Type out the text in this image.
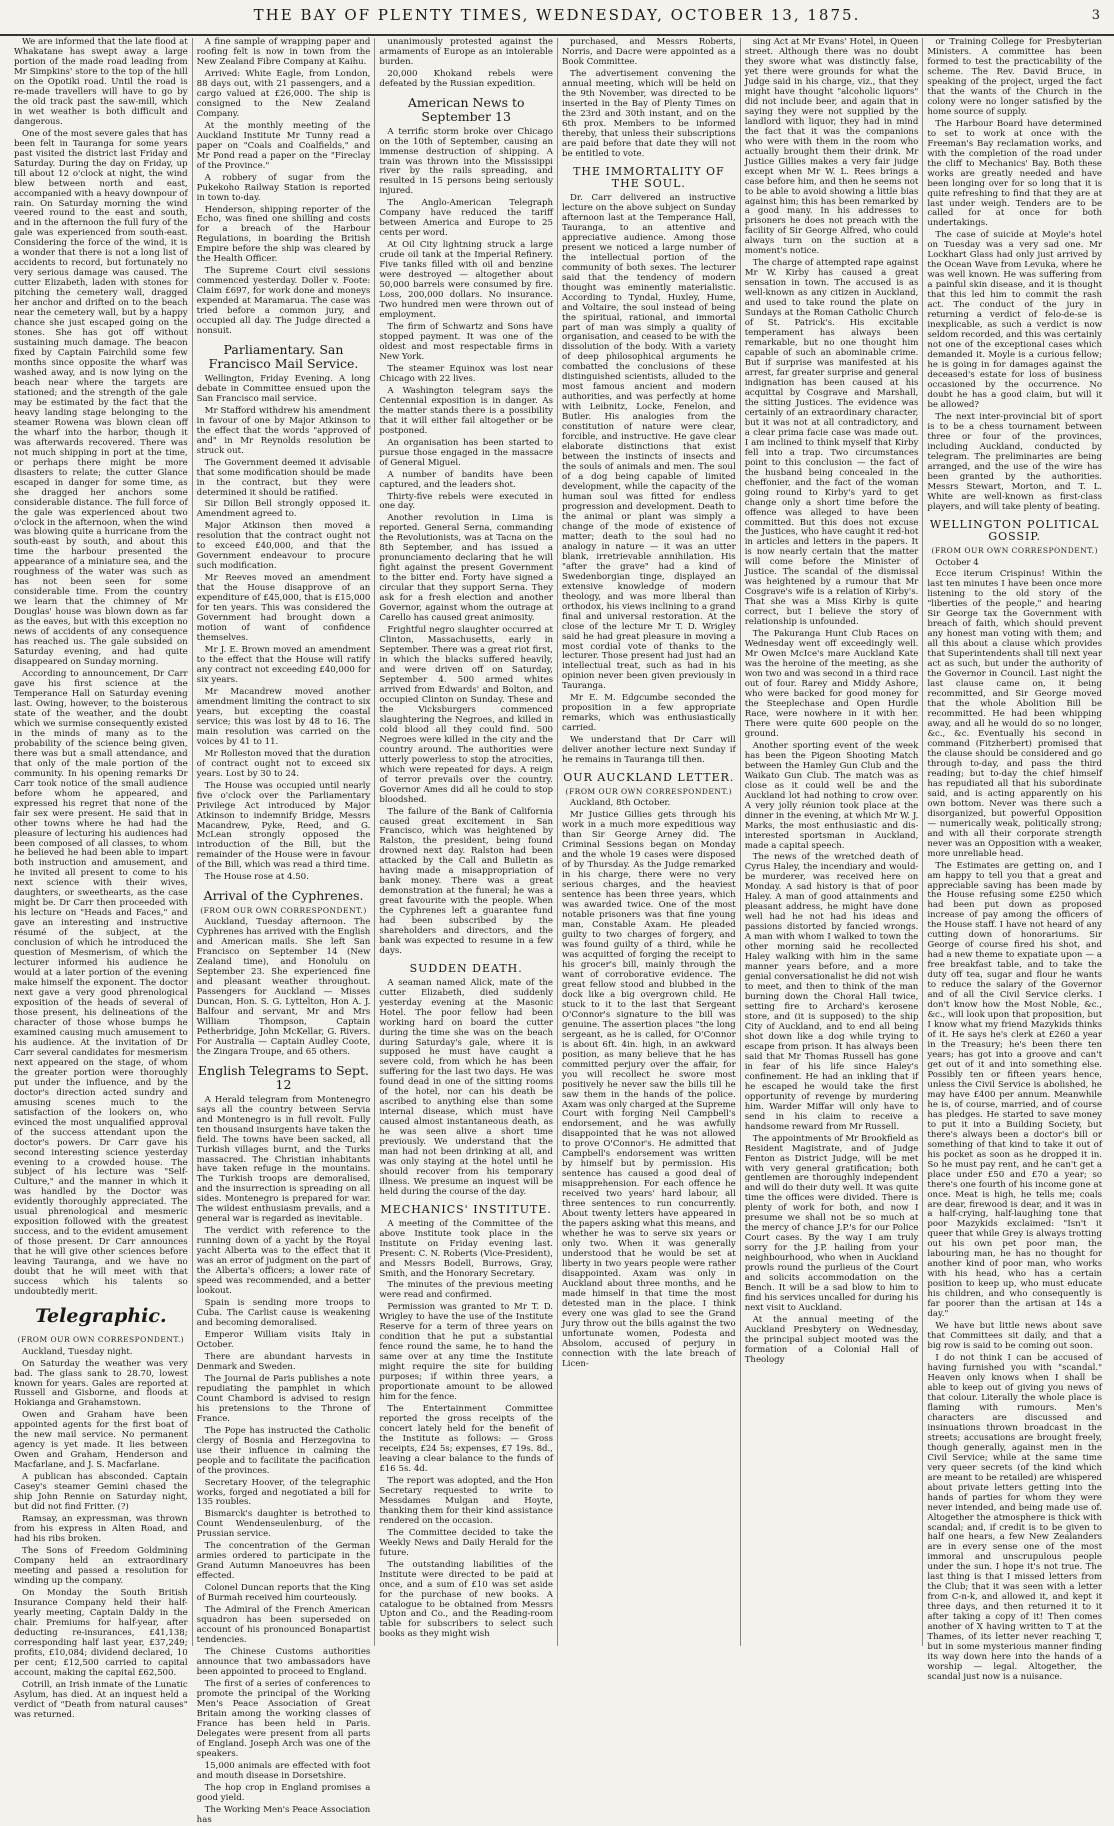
THE BAY OF PLENTY TIMES, WEDNESDAY, OCTOBER 13, 1875.	3

We are informed that the late flood at Whakatane has swept away a large portion of the made road leading from Mr Simpkins' store to the top of the hill on the Opotiki road. Until the road is re-made travellers will have to go by the old track past the saw-mill, which in wet weather is both difficult and dangerous.

One of the most severe gales that has been felt in Tauranga for some years past visited the district last Friday and Saturday. During the day on Friday, up till about 12 o'clock at night, the wind blew between north and east, accompanied with a heavy downpour of rain. On Saturday morning the wind veered round to the east and south, and in the afternoon the full fury of the gale was experienced from south-east. Considering the force of the wind, it is a wonder that there is not a long list of accidents to record, but fortunately no very serious damage was caused. The cutter Elizabeth, laden with stones for pitching the cemetery wall, dragged her anchor and drifted on to the beach near the cemetery wall, but by a happy chance she just escaped going on the stones. She has got off without sustaining much damage. The beacon fixed by Captain Fairchild some few months since opposite the wharf was washed away, and is now lying on the beach near where the targets are stationed; and the strength of the gale may be estimated by the fact that the heavy landing stage belonging to the steamer Rowena was blown clean off the wharf into the harbor, though it was afterwards recovered. There was not much shipping in port at the time, or perhaps there might be more disasters to relate; the cutter Glance escaped in danger for some time, as she dragged her anchors some considerable distance. The full force of the gale was experienced about two o'clock in the afternoon, when the wind was blowing quite a hurricane from the south-east by south, and about this time the harbour presented the appearance of a miniature sea, and the roughness of the water was such as has not been seen for some considerable time. From the country we learn that the chimney of Mr Douglas' house was blown down as far as the eaves, but with this exception no news of accidents of any consequence has reached us. The gale subsided on Saturday evening, and had quite disappeared on Sunday morning.

According to announcement, Dr Carr gave his first science at the Temperance Hall on Saturday evening last. Owing, however, to the boisterous state of the weather, and the doubt which we surmise consequently existed in the minds of many as to the probability of the science being given, there was but a small attendance, and that only of the male portion of the community. In his opening remarks Dr Carr took notice of the small audience before whom he appeared, and expressed his regret that none of the fair sex were present. He said that in other towns where he had had the pleasure of lecturing his audiences had been composed of all classes, to whom he believed he had been able to impart both instruction and amusement, and he invited all present to come to his next science with their wives, daughters, or sweethearts, as the case might be. Dr Carr then proceeded with his lecture on "Heads and Faces," and gave an interesting and instructive résumé of the subject, at the conclusion of which he introduced the question of Mesmerism, of which the lecturer informed his audience he would at a later portion of the evening make himself the exponent. The doctor next gave a very good phrenological exposition of the heads of several of those present, his delineations of the character of those whose bumps he examined causing much amusement to his audience. At the invitation of Dr Carr several candidates for mesmerism next appeared on the stage, of whom the greater portion were thoroughly put under the influence, and by the doctor's direction acted sundry and amusing scenes much to the satisfaction of the lookers on, who evinced the most unqualified approval of the success attendant upon the doctor's powers. Dr Carr gave his second interesting science yesterday evening to a crowded house. The subject of his lecture was "Self-Culture," and the manner in which it was handled by the Doctor was evidently thoroughly appreciated. The usual phrenological and mesmeric exposition followed with the greatest success, and to the evident amusement of those present. Dr Carr announces that he will give other sciences before leaving Tauranga, and we have no doubt that he will meet with that success which his talents so undoubtedly merit.

Telegraphic.
(FROM OUR OWN CORRESPONDENT.)

Auckland, Tuesday night.

On Saturday the weather was very bad. The glass sank to 28.70, lowest known for years. Gales are reported at Russell and Gisborne, and floods at Hokianga and Grahamstown.

Owen and Graham have been appointed agents for the first boat of the new mail service. No permanent agency is yet made. It lies between Owen and Graham, Henderson and Macfarlane, and J. S. Macfarlane.

A publican has absconded. Captain Casey's steamer Gemini chased the ship John Rennie on Saturday night, but did not find Fritter. (?)

Ramsay, an expressman, was thrown from his express in Alten Road, and had his ribs broken.

The Sons of Freedom Goldmining Company held an extraordinary meeting and passed a resolution for winding up the company.

On Monday the South British Insurance Company held their half-yearly meeting, Captain Daldy in the chair. Premiums for half-year, after deducting re-insurances, £41,138; corresponding half last year, £37,249; profits, £10,084; dividend declared, 10 per cent; £12,500 carried to capital account, making the capital £62,500.

Cotrill, an Irish inmate of the Lunatic Asylum, has died. At an inquest held a verdict of "Death from natural causes" was returned.

A fine sample of wrapping paper and roofing felt is now in town from the New Zealand Fibre Company at Kaihu.

Arrived: White Eagle, from London, 88 days out, with 21 passengers, and a cargo valued at £26,000. The ship is consigned to the New Zealand Company.

At the monthly meeting of the Auckland Institute Mr Tunny read a paper on "Coals and Coalfields," and Mr Pond read a paper on the "Fireclay of the Province."

A robbery of sugar from the Pukekoho Railway Station is reported in town to-day.

Henderson, shipping reporter of the Echo, was fined one shilling and costs for a breach of the Harbour Regulations, in boarding the British Empire before the ship was cleared by the Health Officer.

The Supreme Court civil sessions commenced yesterday. Doller v. Foote: Claim £697, for work done and moneys expended at Maramarua. The case was tried before a common jury, and occupied all day. The Judge directed a nonsuit.

Parliamentary. San Francisco Mail Service.

Wellington, Friday Evening. A long debate in Committee ensued upon the San Francisco mail service.

Mr Stafford withdrew his amendment in favour of one by Major Atkinson to the effect that the words "approved of and" in Mr Reynolds resolution be struck out.

The Government deemed it advisable that some modification should be made in the contract, but they were determined it should be ratified.

Sir Dillon Bell strongly opposed it. Amendment agreed to.

Major Atkinson then moved a resolution that the contract ought not to exceed £40,000, and that the Government endeavour to procure such modification.

Mr Reeves moved an amendment that the House disapprove of an expenditure of £45,000, that is £15,000 for ten years. This was considered the Government had brought down a motion of want of confidence themselves.

Mr J. E. Brown moved an amendment to the effect that the House will ratify any contract not exceeding £40,000 for six years.

Mr Macandrew moved another amendment limiting the contract to six years, but excepting the coastal service; this was lost by 48 to 16. The main resolution was carried on the voices by 41 to 11.

Mr Rolleston moved that the duration of contract ought not to exceed six years. Lost by 30 to 24.

The House was occupied until nearly five o'clock over the Parliamentary Privilege Act introduced by Major Atkinson to indemnify Bridge, Messrs Macandrew, Pyke, Reed, and G. McLean strongly opposed the introduction of the Bill, but the remainder of the House were in favour of the Bill, which was read a third time.

The House rose at 4.50.

Arrival of the Cyphrenes.
(FROM OUR OWN CORRESPONDENT.)

Auckland, Tuesday afternoon. The Cyphrenes has arrived with the English and American mails. She left San Francisco on September 14 (New Zealand time), and Honolulu on September 23. She experienced fine and pleasant weather throughout. Passengers for Auckland — Misses Duncan, Hon. S. G. Lyttelton, Hon A. J. Balfour and servant, Mr and Mrs William Thompson, Captain Petherbridge, John McKellar, G. Rivers. For Australia — Captain Audley Coote, the Zingara Troupe, and 65 others.

English Telegrams to Sept. 12

A Herald telegram from Montenegro says all the country between Servia and Montenegro is in full revolt. Fully ten thousand insurgents have taken the field. The towns have been sacked, all Turkish villages burnt, and the Turks massacred. The Christian inhabitants have taken refuge in the mountains. The Turkish troops are demoralised, and the insurrection is spreading on all sides. Montenegro is prepared for war. The wildest enthusiasm prevails, and a general war is regarded as inevitable.

The verdict with reference to the running down of a yacht by the Royal yacht Alberta was to the effect that it was an error of judgment on the part of the Alberta's officers; a lower rate of speed was recommended, and a better lookout.

Spain is sending more troops to Cuba. The Carlist cause is weakening and becoming demoralised.

Emperor William visits Italy in October.

There are abundant harvests in Denmark and Sweden.

The Journal de Paris publishes a note repudiating the pamphlet in which Count Chambord is advised to resign his pretensions to the Throne of France.

The Pope has instructed the Catholic clergy of Bosnia and Herzegovina to use their influence in calming the people and to facilitate the pacification of the provinces.

Secretary Hoover, of the telegraphic works, forged and negotiated a bill for 135 roubles.

Bismarck's daughter is betrothed to Count Wendenseulenburg, of the Prussian service.

The concentration of the German armies ordered to participate in the Grand Autumn Manoeuvres has been effected.

Colonel Duncan reports that the King of Burmah received him courteously.

The Admiral of the French American squadron has been superseded on account of his pronounced Bonapartist tendencies.

The Chinese Customs authorities announce that two ambassadors have been appointed to proceed to England.

The first of a series of conferences to promote the principal of the Working Men's Peace Association of Great Britain among the working classes of France has been held in Paris. Delegates were present from all parts of England. Joseph Arch was one of the speakers.

15,000 animals are effected with foot and mouth disease in Dorsetshire.

The hop crop in England promises a good yield.

The Working Men's Peace Association has

unanimously protested against the armaments of Europe as an intolerable burden.

20,000 Khokand rebels were defeated by the Russian expedition.

American News to September 13

A terrific storm broke over Chicago on the 10th of September, causing an immense destruction of shipping. A train was thrown into the Mississippi river by the rails spreading, and resulted in 15 persons being seriously injured.

The Anglo-American Telegraph Company have reduced the tariff between America and Europe to 25 cents per word.

At Oil City lightning struck a large crude oil tank at the Imperial Refinery. Five tanks filled with oil and benzine were destroyed — altogether about 50,000 barrels were consumed by fire. Loss, 200,000 dollars. No insurance. Two hundred men were thrown out of employment.

The firm of Schwartz and Sons have stopped payment. It was one of the oldest and most respectable firms in New York.

The steamer Equinox was lost near Chicago with 22 lives.

A Washington telegram says the Centennial exposition is in danger. As the matter stands there is a possibility that it will either fail altogether or be postponed.

An organisation has been started to pursue those engaged in the massacre of General Miguel.

A number of bandits have been captured, and the leaders shot.

Thirty-five rebels were executed in one day.

Another revolution in Lima is reported. General Serna, commanding the Revolutionists, was at Tacna on the 8th September, and has issued a pronunciamento declaring that he will fight against the present Government to the bitter end. Forty have signed a circular that they support Serna. They ask for a fresh election and another Governor, against whom the outrage at Carello has caused great animosity.

Frightful negro slaughter occurred at Clinton, Massachusetts, early in September. There was a great riot first, in which the blacks suffered heavily, and were driven off on Saturday, September 4. 500 armed whites arrived from Edwards' and Bolton, and occupied Clinton on Sunday. These and the Vicksburgers commenced slaughtering the Negroes, and killed in cold blood all they could find. 500 Negroes were killed in the city and the country around. The authorities were utterly powerless to stop the atrocities, which were repeated for days. A reign of terror prevails over the country. Governor Ames did all he could to stop bloodshed.

The failure of the Bank of California caused great excitement in San Francisco, which was heightened by Ralston, the president, being found drowned next day. Ralston had been attacked by the Call and Bulletin as having made a misappropriation of bank money. There was a great demonstration at the funeral; he was a great favourite with the people. When the Cyphrenes left a guarantee fund had been subscribed by the shareholders and directors, and the bank was expected to resume in a few days.

SUDDEN DEATH.

A seaman named Alick, mate of the cutter Elizabeth, died suddenly yesterday evening at the Masonic Hotel. The poor fellow had been working hard on board the cutter during the time she was on the beach during Saturday's gale, where it is supposed he must have caught a severe cold, from which he has been suffering for the last two days. He was found dead in one of the sitting rooms of the hotel, nor can his death be ascribed to anything else than some internal disease, which must have caused almost instantaneous death, as he was seen alive a short time previously. We understand that the man had not been drinking at all, and was only staying at the hotel until he should recover from his temporary illness. We presume an inquest will be held during the course of the day.

MECHANICS' INSTITUTE.

A meeting of the Committee of the above Institute took place in the Institute on Friday evening last. Present: C. N. Roberts (Vice-President), and Messrs Bodell, Burrows, Gray, Smith, and the Honorary Secretary.

The minutes of the previous meeting were read and confirmed.

Permission was granted to Mr T. D. Wrigley to have the use of the Institute Reserve for a term of three years on condition that he put a substantial fence round the same, he to hand the same over at any time the Institute might require the site for building purposes; if within three years, a proportionate amount to be allowed him for the fence.

The Entertainment Committee reported the gross receipts of the concert lately held for the benefit of the Institute as follows: — Gross receipts, £24 5s; expenses, £7 19s. 8d., leaving a clear balance to the funds of £16 5s. 4d.

The report was adopted, and the Hon Secretary requested to write to Messdames Mulgan and Hoyte, thanking them for their kind assistance rendered on the occasion.

The Committee decided to take the Weekly News and Daily Herald for the future.

The outstanding liabilities of the Institute were directed to be paid at once, and a sum of £10 was set aside for the purchase of new books. A catalogue to be obtained from Messrs Upton and Co., and the Reading-room table for subscribers to select such books as they might wish

purchased, and Messrs Roberts, Norris, and Dacre were appointed as a Book Committee.

The advertisement convening the annual meeting, which will be held on the 9th November, was directed to be inserted in the Bay of Plenty Times on the 23rd and 30th instant, and on the 6th prox. Members to be informed thereby, that unless their subscriptions are paid before that date they will not be entitled to vote.

THE IMMORTALITY OF THE SOUL.

Dr. Carr delivered an instructive lecture on the above subject on Sunday afternoon last at the Temperance Hall, Tauranga, to an attentive and appreciative audience. Among those present we noticed a large number of the intellectual portion of the community of both sexes. The lecturer said that the tendency of modern thought was eminently materialistic. According to Tyndal, Huxley, Hume, and Voltaire, the soul instead of being the spiritual, rational, and immortal part of man was simply a quality of organisation, and ceased to be with the dissolution of the body. With a variety of deep philosophical arguments he combatted the conclusions of these distinguished scientists, alluded to the most famous ancient and modern authorities, and was perfectly at home with Leibnitz, Locke, Fenelon, and Butler. His analogies from the constitution of nature were clear, forcible, and instructive. He gave clear elaborate distinctions that exist between the instincts of insects and the souls of animals and men. The soul of a dog being capable of limited development, while the capacity of the human soul was fitted for endless progression and development. Death to the animal or plant was simply a change of the mode of existence of matter; death to the soul had no analogy in nature — it was an utter blank, irretrievable annihilation. His "after the grave" had a kind of Swedenborgian tinge, displayed an extensive knowledge of modern theology, and was more liberal than orthodox, his views inclining to a grand final and universal restoration. At the close of the lecture Mr T. D. Wrigley said he had great pleasure in moving a most cordial vote of thanks to the lecturer. Those present had just had an intellectual treat, such as had in his opinion never been given previously in Tauranga.

Mr E. M. Edgcumbe seconded the proposition in a few appropriate remarks, which was enthusiastically carried.

We understand that Dr Carr will deliver another lecture next Sunday if he remains in Tauranga till then.

OUR AUCKLAND LETTER.
(FROM OUR OWN CORRESPONDENT.)

Auckland, 8th October.

Mr Justice Gillies gets through his work in a much more expeditious way than Sir George Arney did. The Criminal Sessions began on Monday and the whole 19 cases were disposed of by Thursday. As the Judge remarked in his charge, there were no very serious charges, and the heaviest sentence has been three years, which was awarded twice. One of the most notable prisoners was that fine young man, Constable Axam. He pleaded guilty to two charges of forgery, and was found guilty of a third, while he was acquitted of forging the receipt to his grocer's bill, mainly through the want of corroborative evidence. The great fellow stood and blubbed in the dock like a big overgrown child. He stuck to it to the last that Sergeant O'Connor's signature to the bill was genuine. The assertion places "the long sergeant, as he is called, for O'Connor is about 6ft. 4in. high, in an awkward position, as many believe that he has committed perjury over the affair, for you will recollect he swore most positively he never saw the bills till he saw them in the hands of the police. Axam was only charged at the Supreme Court with forging Neil Campbell's endorsement, and he was awfully disappointed that he was not allowed to prove O'Connor's. He admitted that Campbell's endorsement was written by himself but by permission. His sentence has caused a good deal of misapprehension. For each offence he received two years' hard labour, all three sentences to run concurrently. About twenty letters have appeared in the papers asking what this means, and whether he was to serve six years or only two. When it was generally understood that he would be set at liberty in two years people were rather disappointed. Axam was only in Auckland about three months, and he made himself in that time the most detested man in the place. I think every one was glad to see the Grand Jury throw out the bills against the two unfortunate women, Podesta and Absolom, accused of perjury in connection with the late breach of Licen-

sing Act at Mr Evans' Hotel, in Queen street. Although there was no doubt they swore what was distinctly false, yet there were grounds for what the Judge said in his charge, viz., that they might have thought "alcoholic liquors" did not include beer, and again that in saying they were not supplied by the landlord with liquor, they had in mind the fact that it was the companions who were with them in the room who actually brought them their drink. Mr Justice Gillies makes a very fair judge except when Mr W. L. Rees brings a case before him, and then he seems not to be able to avoid showing a little bias against him; this has been remarked by a good many. In his addresses to prisoners he does not preach with the facility of Sir George Alfred, who could always turn on the suction at a moment's notice.

The charge of attempted rape against Mr W. Kirby has caused a great sensation in town. The accused is as well-known as any citizen in Auckland, and used to take round the plate on Sundays at the Roman Catholic Church of St. Patrick's. His excitable temperament has always been remarkable, but no one thought him capable of such an abominable crime. But if surprise was manifested at his arrest, far greater surprise and general indignation has been caused at his acquittal by Cosgrave and Marshall, the sitting Justices. The evidence was certainly of an extraordinary character, but it was not at all contradictory, and a clear prima facie case was made out. I am inclined to think myself that Kirby fell into a trap. Two circumstances point to this conclusion — the fact of the husband being concealed in the cheffonier, and the fact of the woman going round to Kirby's yard to get change only a short time before the offence was alleged to have been committed. But this does not excuse the Justices, who have caught it red-hot in articles and letters in the papers. It is now nearly certain that the matter will come before the Minister of Justice. The scandal of the dismissal was heightened by a rumour that Mr Cosgrave's wife is a relation of Kirby's. That she was a Miss Kirby is quite correct, but I believe the story of relationship is unfounded.

The Pakuranga Hunt Club Races on Wednesday went off exceedingly well. Mr Owen McIce's mare Auckland Kate was the heroine of the meeting, as she won two and was second in a third race out of four. Rarey and Middy Ashore, who were backed for good money for the Steeplechase and Open Hurdle Race, were nowhere in it with her. There were quite 600 people on the ground.

Another sporting event of the week has been the Pigeon Shooting Match between the Hamley Gun Club and the Waikato Gun Club. The match was as close as it could well be and the Auckland lot had nothing to crow over. A very jolly réunion took place at the dinner in the evening, at which Mr W. J. Marks, the most enthusiastic and dis-interested sportsman in Auckland, made a capital speech.

The news of the wretched death of Cyrus Haley, the incendiary and would-be murderer, was received here on Monday. A sad history is that of poor Haley. A man of good attainments and pleasant address, he might have done well had he not had his ideas and passions distorted by fancied wrongs. A man with whom I walked to town the other morning said he recollected Haley walking with him in the same manner years before, and a more genial conversationalist he did not wish to meet, and then to think of the man burning down the Choral Hall twice, setting fire to Archard's kerosene store, and (it is supposed) to the ship City of Auckland, and to end all being shot down like a dog while trying to escape from prison. It has always been said that Mr Thomas Russell has gone in fear of his life since Haley's confinement. He had an inkling that if he escaped he would take the first opportunity of revenge by murdering him. Warder Miffar will only have to send in his claim to receive a handsome reward from Mr Russell.

The appointments of Mr Brookfield as Resident Magistrate, and of Judge Fenton as District Judge, will be met with very general gratification; both gentlemen are thoroughly independent and will do their duty well. It was quite time the offices were divided. There is plenty of work for both, and now I presume we shall not be so much at the mercy of chance J.P.'s for our Police Court cases. By the way I am truly sorry for the J.P. hailing from your neighbourhood, who when in Auckland prowls round the purlieus of the Court and solicits accommodation on the Bench. It will be a sad blow to him to find his services uncalled for during his next visit to Auckland.

At the annual meeting of the Auckland Presbytery on Wednesday, the principal subject mooted was the formation of a Colonial Hall of Theology

or Training College for Presbyterian Ministers. A committee has been formed to test the practicability of the scheme. The Rev. David Bruce, in speaking of the project, urged the fact that the wants of the Church in the colony were no longer satisfied by the home source of supply.

The Harbour Board have determined to set to work at once with the Freeman's Bay reclamation works, and with the completion of the road under the cliff to Mechanics' Bay. Both these works are greatly needed and have been longing over for so long that it is quite refreshing to find that they are at last under weigh. Tenders are to be called for at once for both undertakings.

The case of suicide at Moyle's hotel on Tuesday was a very sad one. Mr Lockhart Glass had only just arrived by the Ocean Wave from Levuka, where he was well known. He was suffering from a painful skin disease, and it is thought that this led him to commit the rash act. The conduct of the jury in returning a verdict of felo-de-se is inexplicable, as such a verdict is now seldom recorded, and this was certainly not one of the exceptional cases which demanded it. Moyle is a curious fellow; he is going in for damages against the deceased's estate for loss of business occasioned by the occurrence. No doubt he has a good claim, but will it be allowed?

The next inter-provincial bit of sport is to be a chess tournament between three or four of the provinces, including Auckland, conducted by telegram. The preliminaries are being arranged, and the use of the wire has been granted by the authorities. Messrs Stewart, Morton, and T. L. White are well-known as first-class players, and will take plenty of beating.

WELLINGTON POLITICAL GOSSIP.
(FROM OUR OWN CORRESPONDENT.)

October 4

Ecce iterum Crispinus! Within the last ten minutes I have been once more listening to the old story of the "liberties of the people," and hearing Sir George tax the Government with breach of faith, which should prevent any honest man voting with them; and all this about a clause which provides that Superintendents shall till next year act as such, but under the authority of the Governor in Council. Last night the last clause came on, it being recommitted, and Sir George moved that the whole Abolition Bill be recommitted. He had been whipping away, and all he would do so no longer, &c., &c. Eventually his second in command (Fitzherbert) promised that the clause should be considered and go through to-day, and pass the third reading; but to-day the chief himself has repudiated all that his subordinate said, and is acting apparently on his own bottom. Never was there such a disorganized, but powerful Opposition — numerically weak, politically strong; and with all their corporate strength never was an Opposition with a weaker, more unreliable head.

The Estimates are getting on, and I am happy to tell you that a great and appreciable saving has been made by the House refusing some £250 which had been put down as proposed increase of pay among the officers of the House staff. I have not heard of any cutting down of honorariums. Sir George of course fired his shot, and had a new theme to expatiate upon — a free breakfast table, and to take the duty off tea, sugar and flour he wants to reduce the salary of the Governor and of all the Civil Service clerks. I don't know how the Most Noble, &c., &c., will look upon that proposition, but I know what my friend Mazykids thinks of it. He says he's clerk at £260 a year in the Treasury; he's been there ten years; has got into a groove and can't get out of it and into something else. Possibly ten or fifteen years hence, unless the Civil Service is abolished, he may have £400 per annum. Meanwhile he is, of course, married, and of course has pledges. He started to save money to put it into a Building Society, but there's always been a doctor's bill or something of that kind to take it out of his pocket as soon as he dropped it in. So he must pay rent, and he can't get a place under £50 and £70 a year; so there's one fourth of his income gone at once. Meat is high, he tells me; coals are dear, firewood is dear, and it was in a half-crying, half-laughing tone that poor Mazykids exclaimed: "Isn't it queer that while Grey is always trotting out his own pet poor man, the labouring man, he has no thought for another kind of poor man, who works with his head, who has a certain position to keep up, who must educate his children, and who consequently is far poorer than the artisan at 14s a day."

We have but little news about save that Committees sit daily, and that a big row is said to be coming out soon.

I do not think I can be accused of having furnished you with "scandal." Heaven only knows when I shall be able to keep out of giving you news of that colour. Literally the whole place is flaming with rumours. Men's characters are discussed and insinuations thrown broadcast in the streets; accusations are brought freely, though generally, against men in the Civil Service; while at the same time very queer secrets (of the kind which are meant to be retailed) are whispered about private letters getting into the hands of parties for whom they were never intended, and being made use of. Altogether the atmosphere is thick with scandal; and, if credit is to be given to half one hears, a few New Zealanders are in every sense one of the most immoral and unscrupulous people under the sun. I hope it's not true. The last thing is that I missed letters from the Club; that it was seen with a letter from C-n-k, and allowed it, and kept it three days, and then returned it to it after taking a copy of it! Then comes another of X having written to T at the Thames, of its letter never reaching T, but in some mysterious manner finding its way down here into the hands of a worship — legal. Altogether, the scandal just now is a nuisance.
